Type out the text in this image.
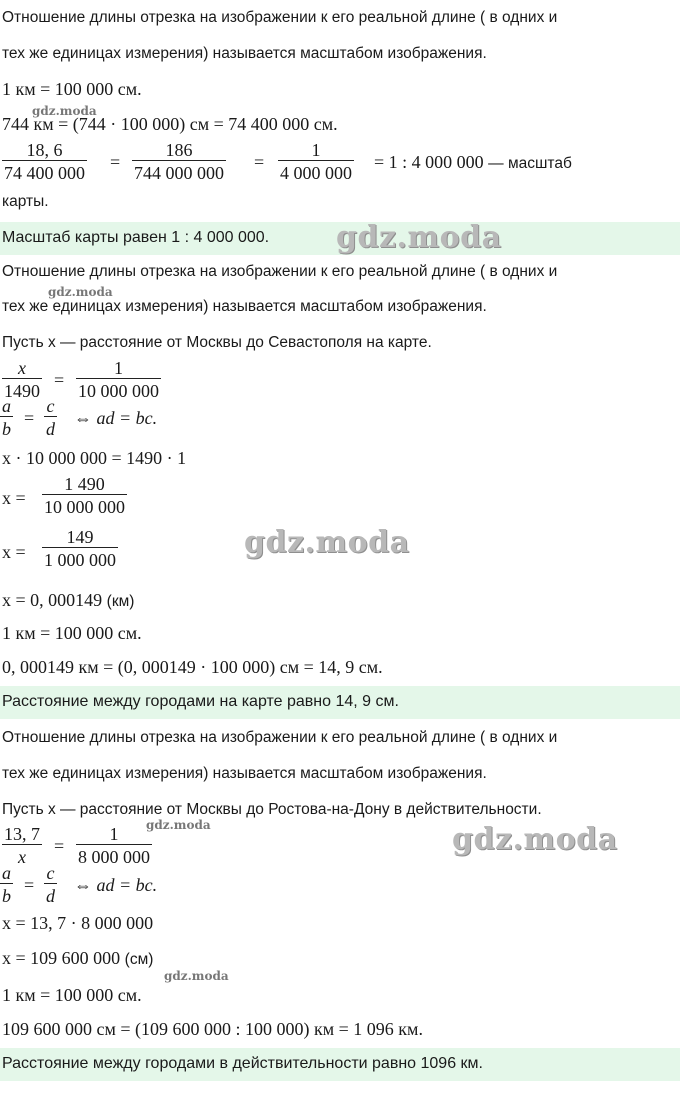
Отношение длины отрезка на изображении к его реальной длине ( в одних и
тех же единицах измерения) называется масштабом изображения.
1 км = 100 000 см.
gdz.moda
744 км = (744 · 100 000) см = 74 400 000 см.
$\frac{18, 6}{74 400 000} = \frac{186}{744 000 000} = \frac{1}{4 000 000} = 1$ : 4 000 000 — масштаб
карты.
Масштаб карты равен 1 : 4 000 000. gdz.moda
Отношение длины отрезка на изображении к его реальной длине ( в одних и
gdz.moda
тех же единицах измерения) называется масштабом изображения.
Пусть x — расстояние от Москвы до Севастополя на карте.
$\frac{x}{1490} = \frac{1}{10 000 000}$
$\frac{a}{b} = \frac{c}{d}$ ⇔ ad = bc.
x · 10 000 000 = 1490 · 1
$x = \frac{1 490}{10 000 000}$
$x = \frac{149}{1 000 000}$	gdz.moda
x = 0, 000149 (км)
1 км = 100 000 см.
0, 000149 км = (0, 000149 · 100 000) см = 14, 9 см.
Расстояние между городами на карте равно 14, 9 см.
Отношение длины отрезка на изображении к его реальной длине ( в одних и
тех же единицах измерения) называется масштабом изображения.
Пусть x — расстояние от Москвы до Ростова-на-Дону в действительности.
$\frac{13, 7}{x} = \frac{1}{8 000 000}$
gdz.moda	gdz.moda
$\frac{a}{b} = \frac{c}{d}$ ⇔ ad = bc.
x = 13, 7 · 8 000 000
x = 109 600 000 (см)
gdz.moda
1 км = 100 000 см.
109 600 000 см = (109 600 000 : 100 000) км = 1 096 км.
Расстояние между городами в действительности равно 1096 км.
